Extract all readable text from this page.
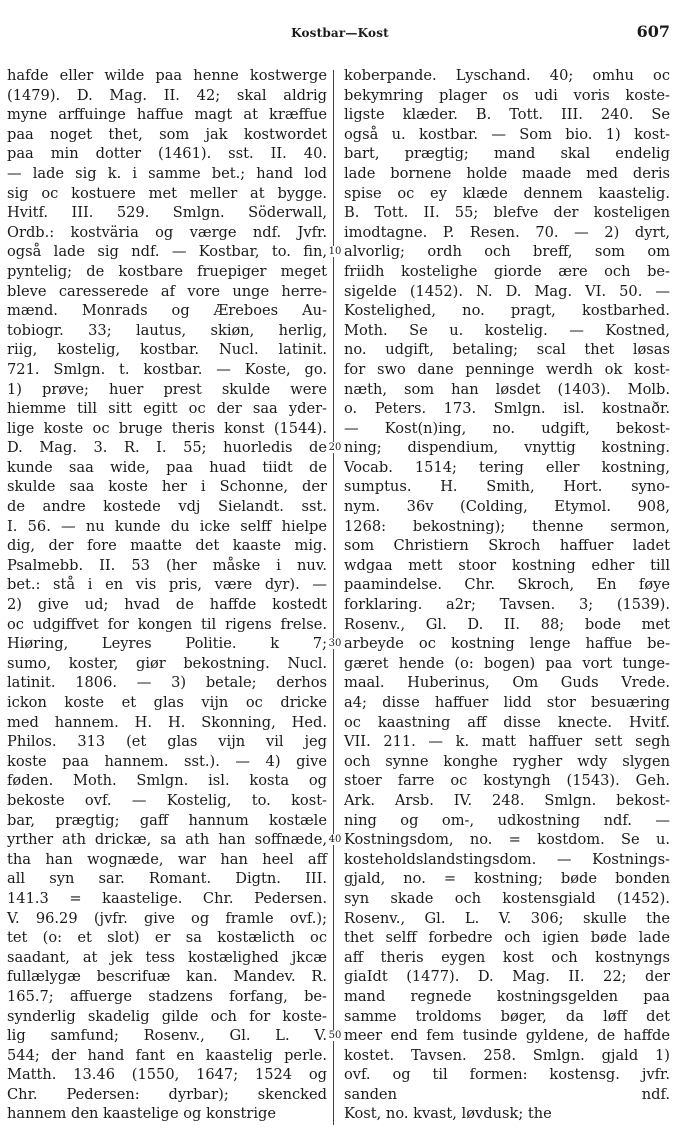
Kostbar—Kost	607
hafde eller wilde paa henne kostwerge
(1479). D. Mag. II. 42; skal aldrig
myne arffuinge haffue magt at kræffue
paa noget thet, som jak kostwordet
paa min dotter (1461). sst. II. 40.
— lade sig k. i samme bet.; hand lod
sig oc kostuere met meller at bygge.
Hvitf. III. 529. Smlgn. Söderwall,
Ordb.: kostväria og værge ndf. Jvfr.
også lade sig ndf. — Kostbar, to. fin,
pyntelig; de kostbare fruepiger meget
bleve caresserede af vore unge herre-
mænd. Monrads og Æreboes Au-
tobiogr. 33; lautus, skiøn, herlig,
riig, kostelig, kostbar. Nucl. latinit.
721. Smlgn. t. kostbar. — Koste, go.
1) prøve; huer prest skulde were
hiemme till sitt egitt oc der saa yder-
lige koste oc bruge theris konst (1544).
D. Mag. 3. R. I. 55; huorledis de
kunde saa wide, paa huad tiidt de
skulde saa koste her i Schonne, der
de andre kostede vdj Sielandt. sst.
I. 56. — nu kunde du icke selff hielpe
dig, der fore maatte det kaaste mig.
Psalmebb. II. 53 (her måske i nuv.
bet.: stå i en vis pris, være dyr). —
2) give ud; hvad de haffde kostedt
oc udgiffvet for kongen til rigens frelse.
Hiøring, Leyres Politie. k 7;
sumo, koster, giør bekostning. Nucl.
latinit. 1806. — 3) betale; derhos
ickon koste et glas vijn oc dricke
med hannem. H. H. Skonning, Hed.
Philos. 313 (et glas vijn vil jeg
koste paa hannem. sst.). — 4) give
føden. Moth. Smlgn. isl. kosta og
bekoste ovf. — Kostelig, to. kost-
bar, prægtig; gaff hannum kostæle
yrther ath drickæ, sa ath han soffnæde,
tha han wognæde, war han heel aff
all syn sar. Romant. Digtn. III.
141.3 = kaastelige. Chr. Pedersen.
V. 96.29 (jvfr. give og framle ovf.);
tet (o: et slot) er sa kostælicth oc
saadant, at jek tess kostælighed jkcæ
fullælygæ bescrifuæ kan. Mandev. R.
165.7; affuerge stadzens forfang, be-
synderlig skadelig gilde och for koste-
lig samfund; Rosenv., Gl. L. V.
544; der hand fant en kaastelig perle.
Matth. 13.46 (1550, 1647; 1524 og
Chr. Pedersen: dyrbar); skencked
hannem den kaastelige og konstrige
koberpande. Lyschand. 40; omhu oc
bekymring plager os udi voris koste-
ligste klæder. B. Tott. III. 240. Se
også u. kostbar. — Som bio. 1) kost-
bart, prægtig; mand skal endelig
lade bornene holde maade med deris
spise oc ey klæde dennem kaastelig.
B. Tott. II. 55; blefve der kosteligen
imodtagne. P. Resen. 70. — 2) dyrt,
alvorlig; ordh och breff, som om
friidh kostelighe giorde ære och be-
sigelde (1452). N. D. Mag. VI. 50. —
Kostelighed, no. pragt, kostbarhed.
Moth. Se u. kostelig. — Kostned,
no. udgift, betaling; scal thet løsas
for swo dane penninge werdh ok kost-
næth, som han løsdet (1403). Molb.
o. Peters. 173. Smlgn. isl. kostnaðr.
— Kost(n)ing, no. udgift, bekost-
ning; dispendium, vnyttig kostning.
Vocab. 1514; tering eller kostning,
sumptus. H. Smith, Hort. syno-
nym. 36v (Colding, Etymol. 908,
1268: bekostning); thenne sermon,
som Christiern Skroch haffuer ladet
wdgaa mett stoor kostning edher till
paamindelse. Chr. Skroch, En føye
forklaring. a2r; Tavsen. 3; (1539).
Rosenv., Gl. D. II. 88; bode met
arbeyde oc kostning lenge haffue be-
gæret hende (o: bogen) paa vort tunge-
maal. Huberinus, Om Guds Vrede.
a4; disse haffuer lidd stor besuæring
oc kaastning aff disse knecte. Hvitf.
VII. 211. — k. matt haffuer sett segh
och synne konghe rygher wdy slygen
stoer farre oc kostyngh (1543). Geh.
Ark. Arsb. IV. 248. Smlgn. bekost-
ning og om-, udkostning ndf. —
Kostningsdom, no. = kostdom. Se u.
kosteholdslandstingsdom. — Kostnings-
gjald, no. = kostning; bøde bonden
syn skade och kostensgiald (1452).
Rosenv., Gl. L. V. 306; skulle the
thet selff forbedre och igien bøde lade
aff theris eygen kost och kostnyngs
giaIdt (1477). D. Mag. II. 22; der
mand regnede kostningsgelden paa
samme troldoms bøger, da løff det
meer end fem tusinde gyldene, de haffde
kostet. Tavsen. 258. Smlgn. gjald 1)
ovf. og til formen: kostensg. jvfr.
sanden ndf.
Kost, no. kvast, løvdusk; the
10
20
30
40
50
